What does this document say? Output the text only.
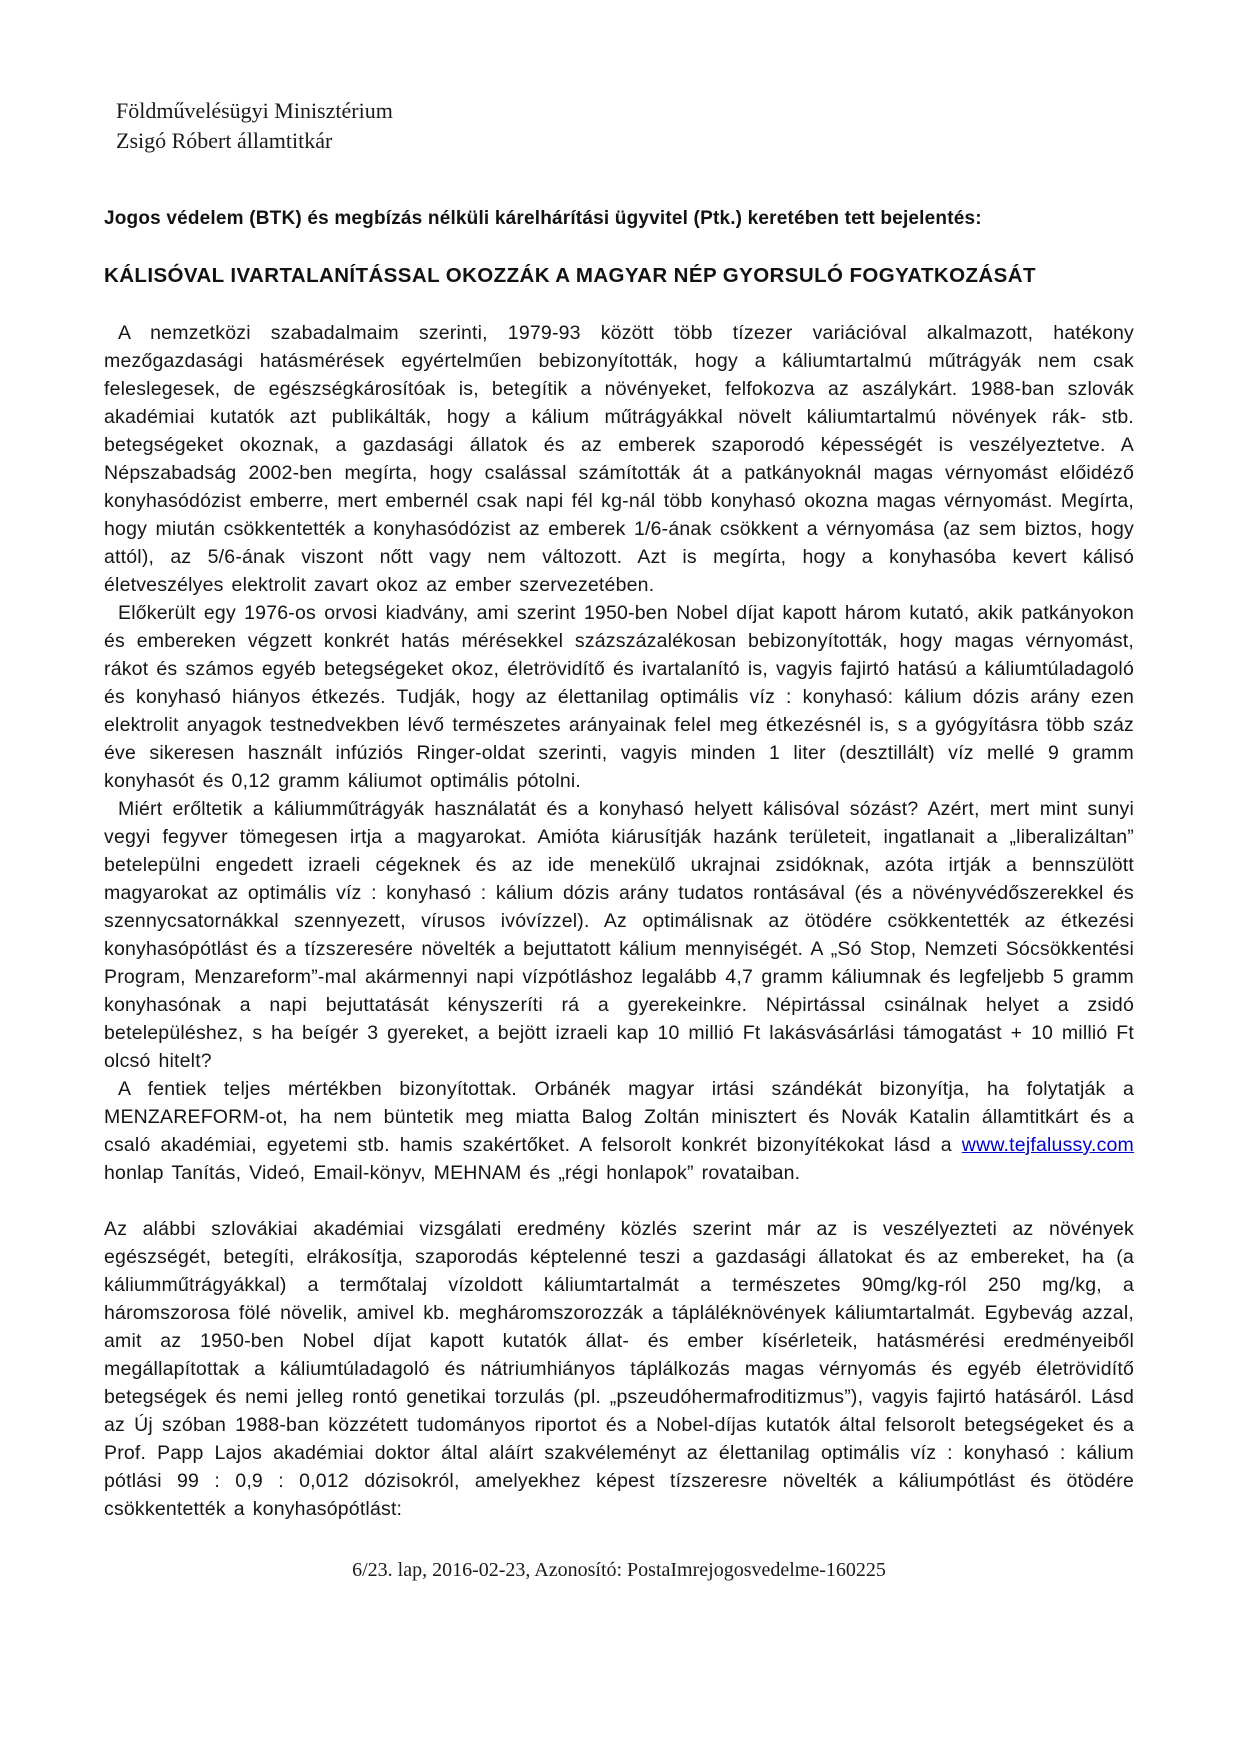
Földművelésügyi Minisztérium
Zsigó Róbert államtitkár
Jogos védelem (BTK) és megbízás nélküli kárelhárítási ügyvitel (Ptk.) keretében tett bejelentés:
KÁLISÓVAL IVARTALANÍTÁSSAL OKOZZÁK A MAGYAR NÉP GYORSULÓ FOGYATKOZÁSÁT

A nemzetközi szabadalmaim szerinti, 1979-93 között több tízezer variációval alkalmazott, hatékony mezőgazdasági hatásmérések egyértelműen bebizonyították, hogy a káliumtartalmú műtrágyák nem csak feleslegesek, de egészségkárosítóak is, betegítik a növényeket, felfokozva az aszálykárt. 1988-ban szlovák akadémiai kutatók azt publikálták, hogy a kálium műtrágyákkal növelt káliumtartalmú növények rák- stb. betegségeket okoznak, a gazdasági állatok és az emberek szaporodó képességét is veszélyeztetve. A Népszabadság 2002-ben megírta, hogy csalással számították át a patkányoknál magas vérnyomást előidéző konyhasódózist emberre, mert embernél csak napi fél kg-nál több konyhasó okozna magas vérnyomást. Megírta, hogy miután csökkentették a konyhasódózist az emberek 1/6-ának csökkent a vérnyomása (az sem biztos, hogy attól), az 5/6-ának viszont nőtt vagy nem változott. Azt is megírta, hogy a konyhasóba kevert kálisó életveszélyes elektrolit zavart okoz az ember szervezetében.

Előkerült egy 1976-os orvosi kiadvány, ami szerint 1950-ben Nobel díjat kapott három kutató, akik patkányokon és embereken végzett konkrét hatás mérésekkel százszázalékosan bebizonyították, hogy magas vérnyomást, rákot és számos egyéb betegségeket okoz, életrövidítő és ivartalanító is, vagyis fajirtó hatású a káliumtúladagoló és konyhasó hiányos étkezés. Tudják, hogy az élettanilag optimális víz : konyhasó: kálium dózis arány ezen elektrolit anyagok testnedvekben lévő természetes arányainak felel meg étkezésnél is, s a gyógyításra több száz éve sikeresen használt infúziós Ringer-oldat szerinti, vagyis minden 1 liter (desztillált) víz mellé 9 gramm konyhasót és 0,12 gramm káliumot optimális pótolni.

Miért erőltetik a káliumműtrágyák használatát és a konyhasó helyett kálisóval sózást? Azért, mert mint sunyi vegyi fegyver tömegesen irtja a magyarokat. Amióta kiárusítják hazánk területeit, ingatlanait a „liberalizáltan” betelepülni engedett izraeli cégeknek és az ide menekülő ukrajnai zsidóknak, azóta irtják a bennszülött magyarokat az optimális víz : konyhasó : kálium dózis arány tudatos rontásával (és a növényvédőszerekkel és szennycsatornákkal szennyezett, vírusos ivóvízzel). Az optimálisnak az ötödére csökkentették az étkezési konyhasópótlást és a tízszeresére növelték a bejuttatott kálium mennyiségét. A „Só Stop, Nemzeti Sócsökkentési Program, Menzareform”-mal akármennyi napi vízpótláshoz legalább 4,7 gramm káliumnak és legfeljebb 5 gramm konyhasónak a napi bejuttatását kényszeríti rá a gyerekeinkre. Népirtással csinálnak helyet a zsidó betelepüléshez, s ha beígér 3 gyereket, a bejött izraeli kap 10 millió Ft lakásvásárlási támogatást + 10 millió Ft olcsó hitelt?

A fentiek teljes mértékben bizonyítottak. Orbánék magyar irtási szándékát bizonyítja, ha folytatják a MENZAREFORM-ot, ha nem büntetik meg miatta Balog Zoltán minisztert és Novák Katalin államtitkárt és a csaló akadémiai, egyetemi stb. hamis szakértőket. A felsorolt konkrét bizonyítékokat lásd a www.tejfalussy.com honlap Tanítás, Videó, Email-könyv, MEHNAM és „régi honlapok” rovataiban.

Az alábbi szlovákiai akadémiai vizsgálati eredmény közlés szerint már az is veszélyezteti az növények egészségét, betegíti, elrákosítja, szaporodás képtelenné teszi a gazdasági állatokat és az embereket, ha (a káliumműtrágyákkal) a termőtalaj vízoldott káliumtartalmát a természetes 90mg/kg-ról 250 mg/kg, a háromszorosa fölé növelik, amivel kb. megháromszorozzák a tápláléknövények káliumtartalmát. Egybevág azzal, amit az 1950-ben Nobel díjat kapott kutatók állat- és ember kísérleteik, hatásmérési eredményeiből megállapítottak a káliumtúladagoló és nátriumhiányos táplálkozás magas vérnyomás és egyéb életrövidítő betegségek és nemi jelleg rontó genetikai torzulás (pl. „pszeudóhermafroditizmus”), vagyis fajirtó hatásáról. Lásd az Új szóban 1988-ban közzétett tudományos riportot és a Nobel-díjas kutatók által felsorolt betegségeket és a Prof. Papp Lajos akadémiai doktor által aláírt szakvéleményt az élettanilag optimális víz : konyhasó : kálium pótlási 99 : 0,9 : 0,012 dózisokról, amelyekhez képest tízszeresre növelték a káliumpótlást és ötödére csökkentették a konyhasópótlást:

6/23. lap, 2016-02-23, Azonosító: PostaImrejogosvedelme-160225
